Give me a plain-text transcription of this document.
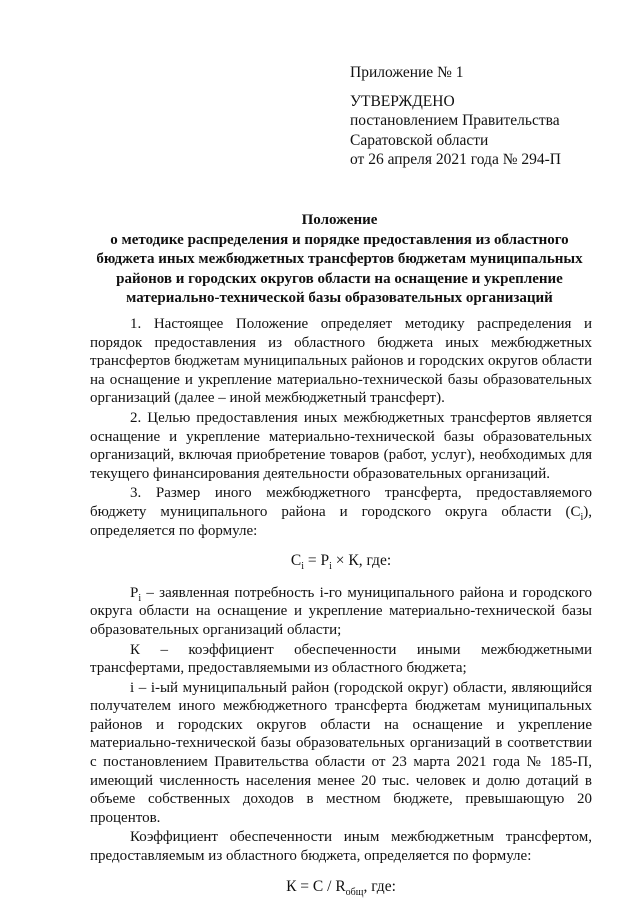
Приложение № 1
УТВЕРЖДЕНО
постановлением Правительства
Саратовской области
от 26 апреля 2021 года № 294-П
Положение
о методике распределения и порядке предоставления из областного бюджета иных межбюджетных трансфертов бюджетам муниципальных районов и городских округов области на оснащение и укрепление материально-технической базы образовательных организаций

1. Настоящее Положение определяет методику распределения и порядок предоставления из областного бюджета иных межбюджетных трансфертов бюджетам муниципальных районов и городских округов области на оснащение и укрепление материально-технической базы образовательных организаций (далее – иной межбюджетный трансферт).

2. Целью предоставления иных межбюджетных трансфертов является оснащение и укрепление материально-технической базы образовательных организаций, включая приобретение товаров (работ, услуг), необходимых для текущего финансирования деятельности образовательных организаций.

3. Размер иного межбюджетного трансферта, предоставляемого бюджету муниципального района и городского округа области $(C_i)$, определяется по формуле:

$C_i = P_i \times К$, где:

$P_i$ – заявленная потребность i-го муниципального района и городского округа области на оснащение и укрепление материально-технической базы образовательных организаций области;

К – коэффициент обеспеченности иными межбюджетными трансфертами, предоставляемыми из областного бюджета;

i – i-ый муниципальный район (городской округ) области, являющийся получателем иного межбюджетного трансферта бюджетам муниципальных районов и городских округов области на оснащение и укрепление материально-технической базы образовательных организаций в соответствии с постановлением Правительства области от 23 марта 2021 года № 185-П, имеющий численность населения менее 20 тыс. человек и долю дотаций в объеме собственных доходов в местном бюджете, превышающую 20 процентов.

Коэффициент обеспеченности иным межбюджетным трансфертом, предоставляемым из областного бюджета, определяется по формуле:

$К = С / R_{общ}$, где:
